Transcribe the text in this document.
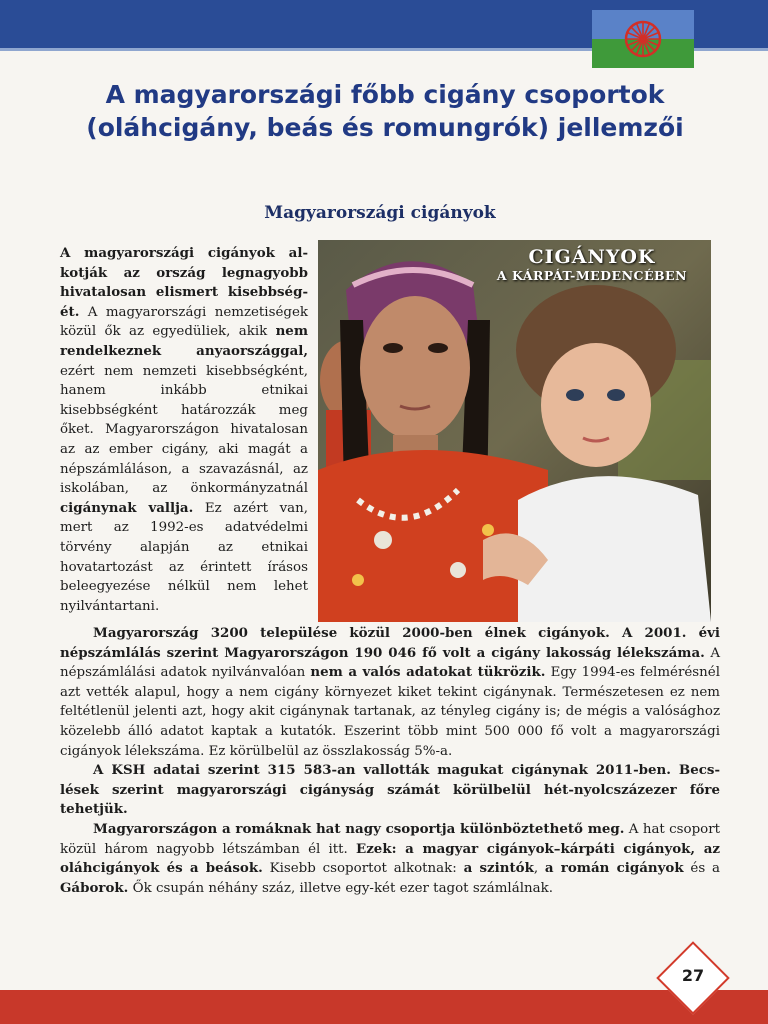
A magyarországi főbb cigány csoportok
(oláhcigány, beás és romungrók) jellemzői
Magyarországi cigányok
A magyarországi cigányok alkotják az ország legnagyobb hivatalosan elismert kisebbségét. A magyarországi nemzetiségek közül ők az egyedüliek, akik nem rendelkeznek anyaországgal, ezért nem nemzeti kisebbségként, hanem inkább etnikai kisebbségként határozzák meg őket. Magyarországon hivatalosan az az ember cigány, aki magát a népszámláláson, a szavazásnál, az iskolában, az önkormányzatnál cigánynak vallja. Ez azért van, mert az 1992-es adatvédelmi törvény alapján az etnikai hovatartozást az érintett írásos beleegyezése nélkül nem lehet nyilvántartani.
CIGÁNYOK
A KÁRPÁT-MEDENCÉBEN

Magyarország 3200 települése közül 2000-ben élnek cigányok. A 2001. évi népszámlálás szerint Magyarországon 190 046 fő volt a cigány lakosság lélekszáma. A népszámlálási adatok nyilvánvalóan nem a valós adatokat tükrözik. Egy 1994-es felmérésnél azt vették alapul, hogy a nem cigány környezet kiket tekint cigánynak. Természetesen ez nem feltétlenül jelenti azt, hogy akit cigánynak tartanak, az tényleg cigány is; de mégis a valósághoz közelebb álló adatot kaptak a kutatók. Eszerint több mint 500 000 fő volt a magyarországi cigányok lélekszáma. Ez körülbelül az összlakosság 5%-a.

A KSH adatai szerint 315 583-an vallották magukat cigánynak 2011-ben. Becslések szerint magyarországi cigányság számát körülbelül hét-nyolcszázezer főre tehetjük.

Magyarországon a romáknak hat nagy csoportja különböztethető meg. A hat csoport közül három nagyobb létszámban él itt. Ezek: a magyar cigányok–kárpáti cigányok, az oláhcigányok és a beások. Kisebb csoportot alkotnak: a szintók, a román cigányok és a Gáborok. Ők csupán néhány száz, illetve egy-két ezer tagot számlálnak.

27
